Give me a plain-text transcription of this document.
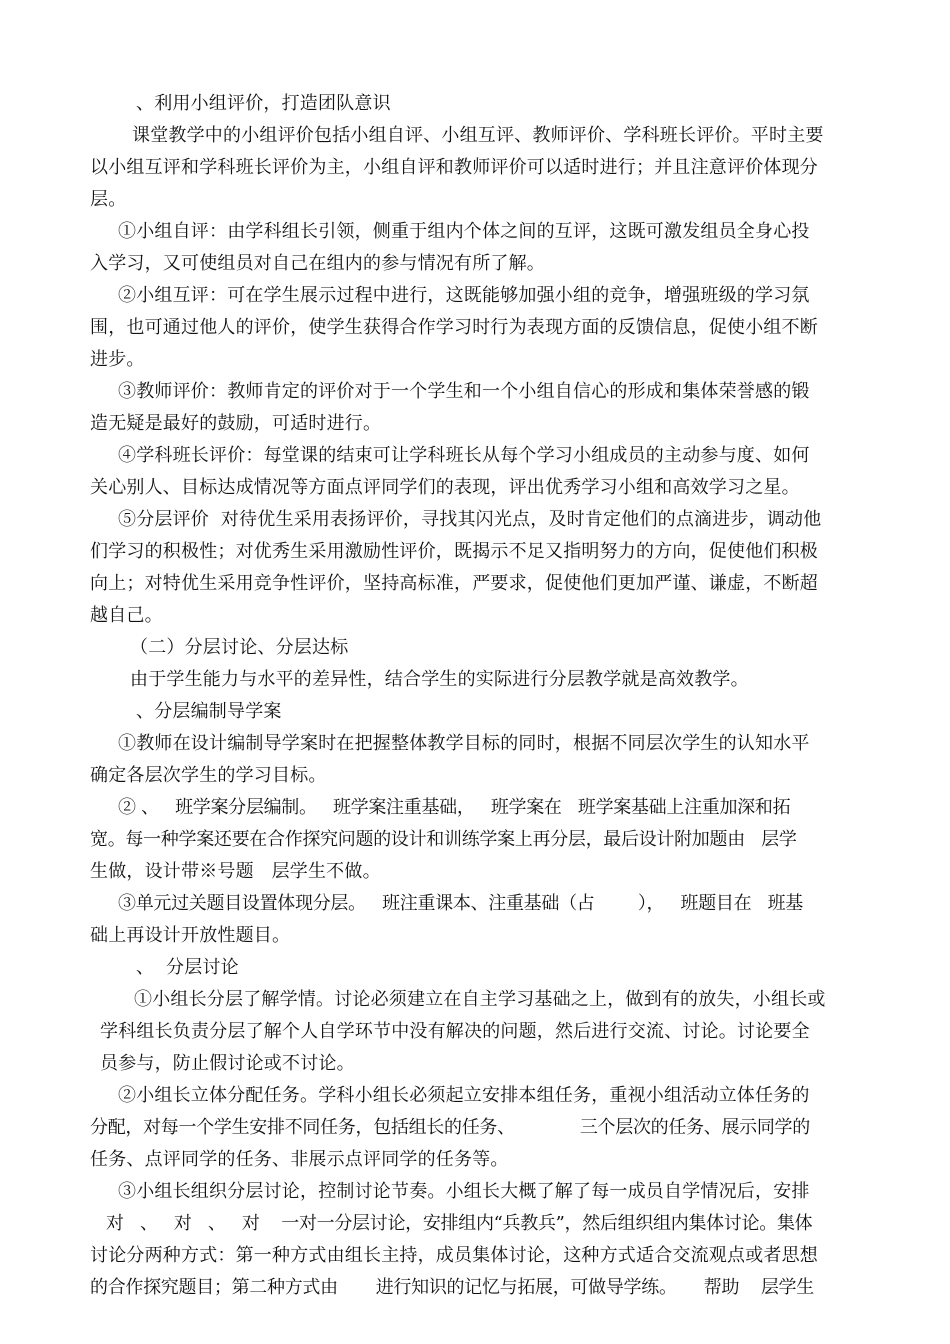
、利用小组评价，打造团队意识

课堂教学中的小组评价包括小组自评、小组互评、教师评价、学科班长评价。平时主要

以小组互评和学科班长评价为主，小组自评和教师评价可以适时进行；并且注意评价体现分

层。

①小组自评：由学科组长引领，侧重于组内个体之间的互评，这既可激发组员全身心投

入学习，又可使组员对自己在组内的参与情况有所了解。

②小组互评：可在学生展示过程中进行，这既能够加强小组的竞争，增强班级的学习氛

围，也可通过他人的评价，使学生获得合作学习时行为表现方面的反馈信息，促使小组不断

进步。

③教师评价：教师肯定的评价对于一个学生和一个小组自信心的形成和集体荣誉感的锻

造无疑是最好的鼓励，可适时进行。

④学科班长评价：每堂课的结束可让学科班长从每个学习小组成员的主动参与度、如何

关心别人、目标达成情况等方面点评同学们的表现，评出优秀学习小组和高效学习之星。

⑤分层评价  对待优生采用表扬评价，寻找其闪光点，及时肯定他们的点滴进步，调动他

们学习的积极性；对优秀生采用激励性评价，既揭示不足又指明努力的方向，促使他们积极

向上；对特优生采用竞争性评价，坚持高标准，严要求，促使他们更加严谨、谦虚，不断超

越自己。

（二）分层讨论、分层达标

由于学生能力与水平的差异性，结合学生的实际进行分层教学就是高效教学。

、分层编制导学案

①教师在设计编制导学案时在把握整体教学目标的同时，根据不同层次学生的认知水平

确定各层次学生的学习目标。

② 、   班学案分层编制。   班学案注重基础，   班学案在   班学案基础上注重加深和拓

宽。每一种学案还要在合作探究问题的设计和训练学案上再分层，最后设计附加题由   层学

生做，设计带※号题   层学生不做。

③单元过关题目设置体现分层。   班注重课本、注重基础（占        ），   班题目在   班基

础上再设计开放性题目。

、  分层讨论

①小组长分层了解学情。讨论必须建立在自主学习基础之上，做到有的放失，小组长或

学科组长负责分层了解个人自学环节中没有解决的问题，然后进行交流、讨论。讨论要全

员参与，防止假讨论或不讨论。

②小组长立体分配任务。学科小组长必须起立安排本组任务，重视小组活动立体任务的

分配，对每一个学生安排不同任务，包括组长的任务、            三个层次的任务、展示同学的

任务、点评同学的任务、非展示点评同学的任务等。

③小组长组织分层讨论，控制讨论节奏。小组长大概了解了每一成员自学情况后，安排

对   、   对   、   对    一对一分层讨论，安排组内“兵教兵”，然后组织组内集体讨论。集体

讨论分两种方式：第一种方式由组长主持，成员集体讨论，这种方式适合交流观点或者思想

的合作探究题目；第二种方式由       进行知识的记忆与拓展，可做导学练。     帮助    层学生
